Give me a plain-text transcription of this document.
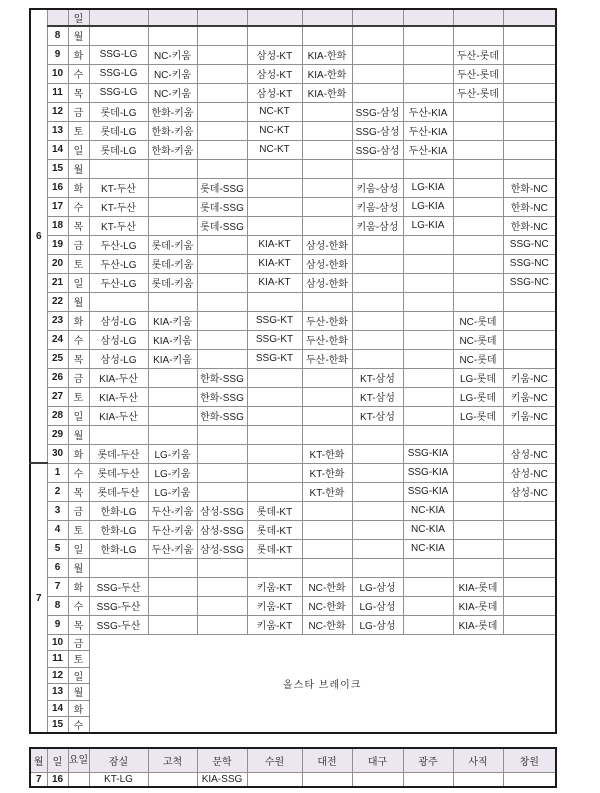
6		일									
	8	월									
	9	화	SSG-LG	NC-키움		삼성-KT	KIA-한화			두산-롯데	
	10	수	SSG-LG	NC-키움		삼성-KT	KIA-한화			두산-롯데	
	11	목	SSG-LG	NC-키움		삼성-KT	KIA-한화			두산-롯데	
	12	금	롯데-LG	한화-키움		NC-KT		SSG-삼성	두산-KIA		
	13	토	롯데-LG	한화-키움		NC-KT		SSG-삼성	두산-KIA		
	14	일	롯데-LG	한화-키움		NC-KT		SSG-삼성	두산-KIA		
	15	월									
	16	화	KT-두산		롯데-SSG			키움-삼성	LG-KIA		한화-NC
	17	수	KT-두산		롯데-SSG			키움-삼성	LG-KIA		한화-NC
	18	목	KT-두산		롯데-SSG			키움-삼성	LG-KIA		한화-NC
	19	금	두산-LG	롯데-키움		KIA-KT	삼성-한화				SSG-NC
	20	토	두산-LG	롯데-키움		KIA-KT	삼성-한화				SSG-NC
	21	일	두산-LG	롯데-키움		KIA-KT	삼성-한화				SSG-NC
	22	월									
	23	화	삼성-LG	KIA-키움		SSG-KT	두산-한화			NC-롯데	
	24	수	삼성-LG	KIA-키움		SSG-KT	두산-한화			NC-롯데	
	25	목	삼성-LG	KIA-키움		SSG-KT	두산-한화			NC-롯데	
	26	금	KIA-두산		한화-SSG			KT-삼성		LG-롯데	키움-NC
	27	토	KIA-두산		한화-SSG			KT-삼성		LG-롯데	키움-NC
	28	일	KIA-두산		한화-SSG			KT-삼성		LG-롯데	키움-NC
	29	월									
	30	화	롯데-두산	LG-키움			KT-한화		SSG-KIA		삼성-NC
7	1	수	롯데-두산	LG-키움			KT-한화		SSG-KIA		삼성-NC
	2	목	롯데-두산	LG-키움			KT-한화		SSG-KIA		삼성-NC
	3	금	한화-LG	두산-키움	삼성-SSG	롯데-KT			NC-KIA		
	4	토	한화-LG	두산-키움	삼성-SSG	롯데-KT			NC-KIA		
	5	일	한화-LG	두산-키움	삼성-SSG	롯데-KT			NC-KIA		
	6	월									
	7	화	SSG-두산			키움-KT	NC-한화	LG-삼성		KIA-롯데	
	8	수	SSG-두산			키움-KT	NC-한화	LG-삼성		KIA-롯데	
	9	목	SSG-두산			키움-KT	NC-한화	LG-삼성		KIA-롯데	
	10	금	올스타 브레이크								
	11	토									
	12	일									
	13	월									
	14	화									
	15	수									
월	일	요일	잠실	고척	문학	수원	대전	대구	광주	사직	창원
7	16		KT-LG		KIA-SSG						
